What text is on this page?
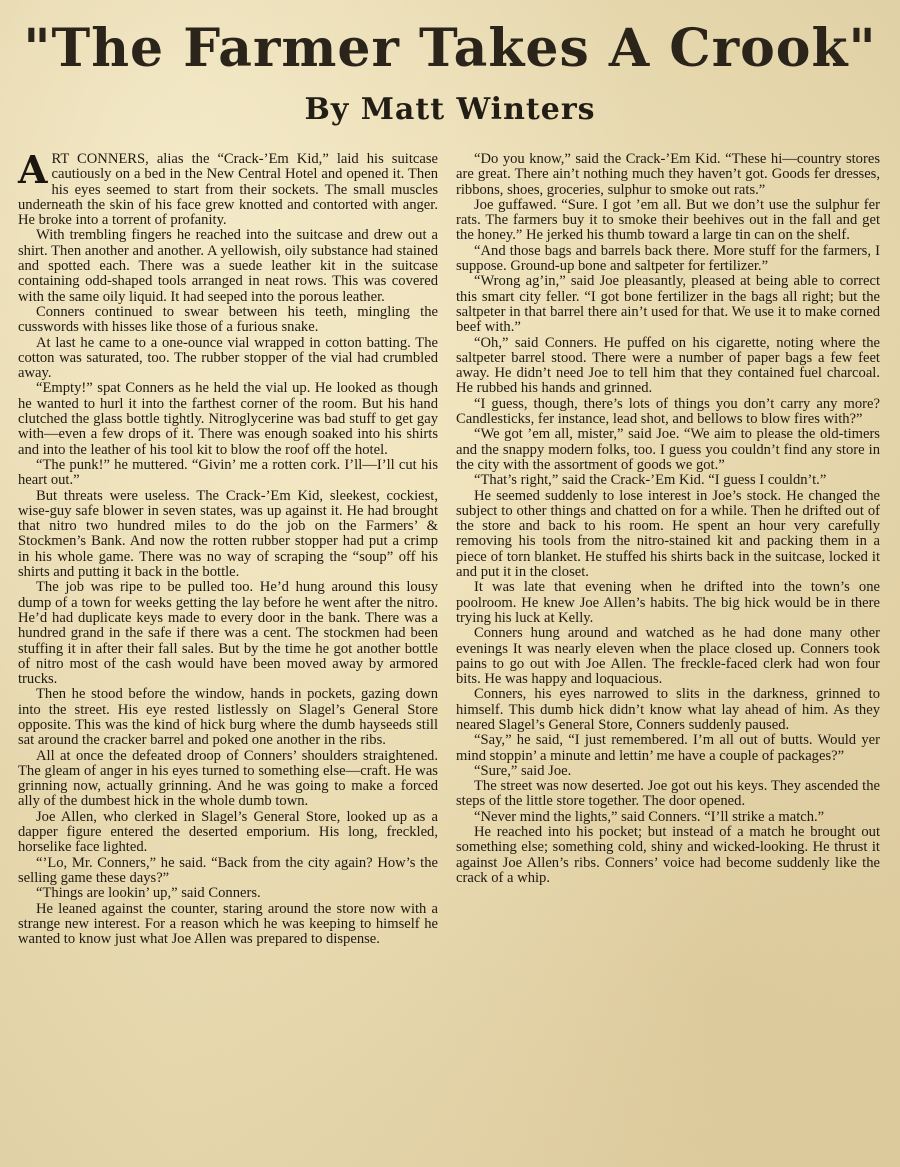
"The Farmer Takes A Crook"
By Matt Winters

ART CONNERS, alias the “Crack-’Em Kid,” laid his suitcase cautiously on a bed in the New Central Hotel and opened it. Then his eyes seemed to start from their sockets. The small muscles underneath the skin of his face grew knotted and contorted with anger. He broke into a torrent of profanity.

With trembling fingers he reached into the suitcase and drew out a shirt. Then another and another. A yellowish, oily substance had stained and spotted each. There was a suede leather kit in the suitcase containing odd-shaped tools arranged in neat rows. This was covered with the same oily liquid. It had seeped into the porous leather.

Conners continued to swear between his teeth, mingling the cusswords with hisses like those of a furious snake.

At last he came to a one-ounce vial wrapped in cotton batting. The cotton was saturated, too. The rubber stopper of the vial had crumbled away.

“Empty!” spat Conners as he held the vial up. He looked as though he wanted to hurl it into the farthest corner of the room. But his hand clutched the glass bottle tightly. Nitroglycerine was bad stuff to get gay with—even a few drops of it. There was enough soaked into his shirts and into the leather of his tool kit to blow the roof off the hotel.

“The punk!” he muttered. “Givin’ me a rotten cork. I’ll—I’ll cut his heart out.”

But threats were useless. The Crack-’Em Kid, sleekest, cockiest, wise-guy safe blower in seven states, was up against it. He had brought that nitro two hundred miles to do the job on the Farmers’ & Stockmen’s Bank. And now the rotten rubber stopper had put a crimp in his whole game. There was no way of scraping the “soup” off his shirts and putting it back in the bottle.

The job was ripe to be pulled too. He’d hung around this lousy dump of a town for weeks getting the lay before he went after the nitro. He’d had duplicate keys made to every door in the bank. There was a hundred grand in the safe if there was a cent. The stockmen had been stuffing it in after their fall sales. But by the time he got another bottle of nitro most of the cash would have been moved away by armored trucks.

Then he stood before the window, hands in pockets, gazing down into the street. His eye rested listlessly on Slagel’s General Store opposite. This was the kind of hick burg where the dumb hayseeds still sat around the cracker barrel and poked one another in the ribs.

All at once the defeated droop of Conners’ shoulders straightened. The gleam of anger in his eyes turned to something else—craft. He was grinning now, actually grinning. And he was going to make a forced ally of the dumbest hick in the whole dumb town.

Joe Allen, who clerked in Slagel’s General Store, looked up as a dapper figure entered the deserted emporium. His long, freckled, horselike face lighted.

“’Lo, Mr. Conners,” he said. “Back from the city again? How’s the selling game these days?”

“Things are lookin’ up,” said Conners.

He leaned against the counter, staring around the store now with a strange new interest. For a reason which he was keeping to himself he wanted to know just what Joe Allen was prepared to dispense.

“Do you know,” said the Crack-’Em Kid. “These hi—country stores are great. There ain’t nothing much they haven’t got. Goods fer dresses, ribbons, shoes, groceries, sulphur to smoke out rats.”

Joe guffawed. “Sure. I got ’em all. But we don’t use the sulphur fer rats. The farmers buy it to smoke their beehives out in the fall and get the honey.” He jerked his thumb toward a large tin can on the shelf.

“And those bags and barrels back there. More stuff for the farmers, I suppose. Ground-up bone and saltpeter for fertilizer.”

“Wrong ag’in,” said Joe pleasantly, pleased at being able to correct this smart city feller. “I got bone fertilizer in the bags all right; but the saltpeter in that barrel there ain’t used for that. We use it to make corned beef with.”

“Oh,” said Conners. He puffed on his cigarette, noting where the saltpeter barrel stood. There were a number of paper bags a few feet away. He didn’t need Joe to tell him that they contained fuel charcoal. He rubbed his hands and grinned.

“I guess, though, there’s lots of things you don’t carry any more? Candlesticks, fer instance, lead shot, and bellows to blow fires with?”

“We got ’em all, mister,” said Joe. “We aim to please the old-timers and the snappy modern folks, too. I guess you couldn’t find any store in the city with the assortment of goods we got.”

“That’s right,” said the Crack-’Em Kid. “I guess I couldn’t.”

He seemed suddenly to lose interest in Joe’s stock. He changed the subject to other things and chatted on for a while. Then he drifted out of the store and back to his room. He spent an hour very carefully removing his tools from the nitro-stained kit and packing them in a piece of torn blanket. He stuffed his shirts back in the suitcase, locked it and put it in the closet.

It was late that evening when he drifted into the town’s one poolroom. He knew Joe Allen’s habits. The big hick would be in there trying his luck at Kelly.

Conners hung around and watched as he had done many other evenings It was nearly eleven when the place closed up. Conners took pains to go out with Joe Allen. The freckle-faced clerk had won four bits. He was happy and loquacious.

Conners, his eyes narrowed to slits in the darkness, grinned to himself. This dumb hick didn’t know what lay ahead of him. As they neared Slagel’s General Store, Conners suddenly paused.

“Say,” he said, “I just remembered. I’m all out of butts. Would yer mind stoppin’ a minute and lettin’ me have a couple of packages?”

“Sure,” said Joe.

The street was now deserted. Joe got out his keys. They ascended the steps of the little store together. The door opened.

“Never mind the lights,” said Conners. “I’ll strike a match.”

He reached into his pocket; but instead of a match he brought out something else; something cold, shiny and wicked-looking. He thrust it against Joe Allen’s ribs. Conners’ voice had become suddenly like the crack of a whip.
